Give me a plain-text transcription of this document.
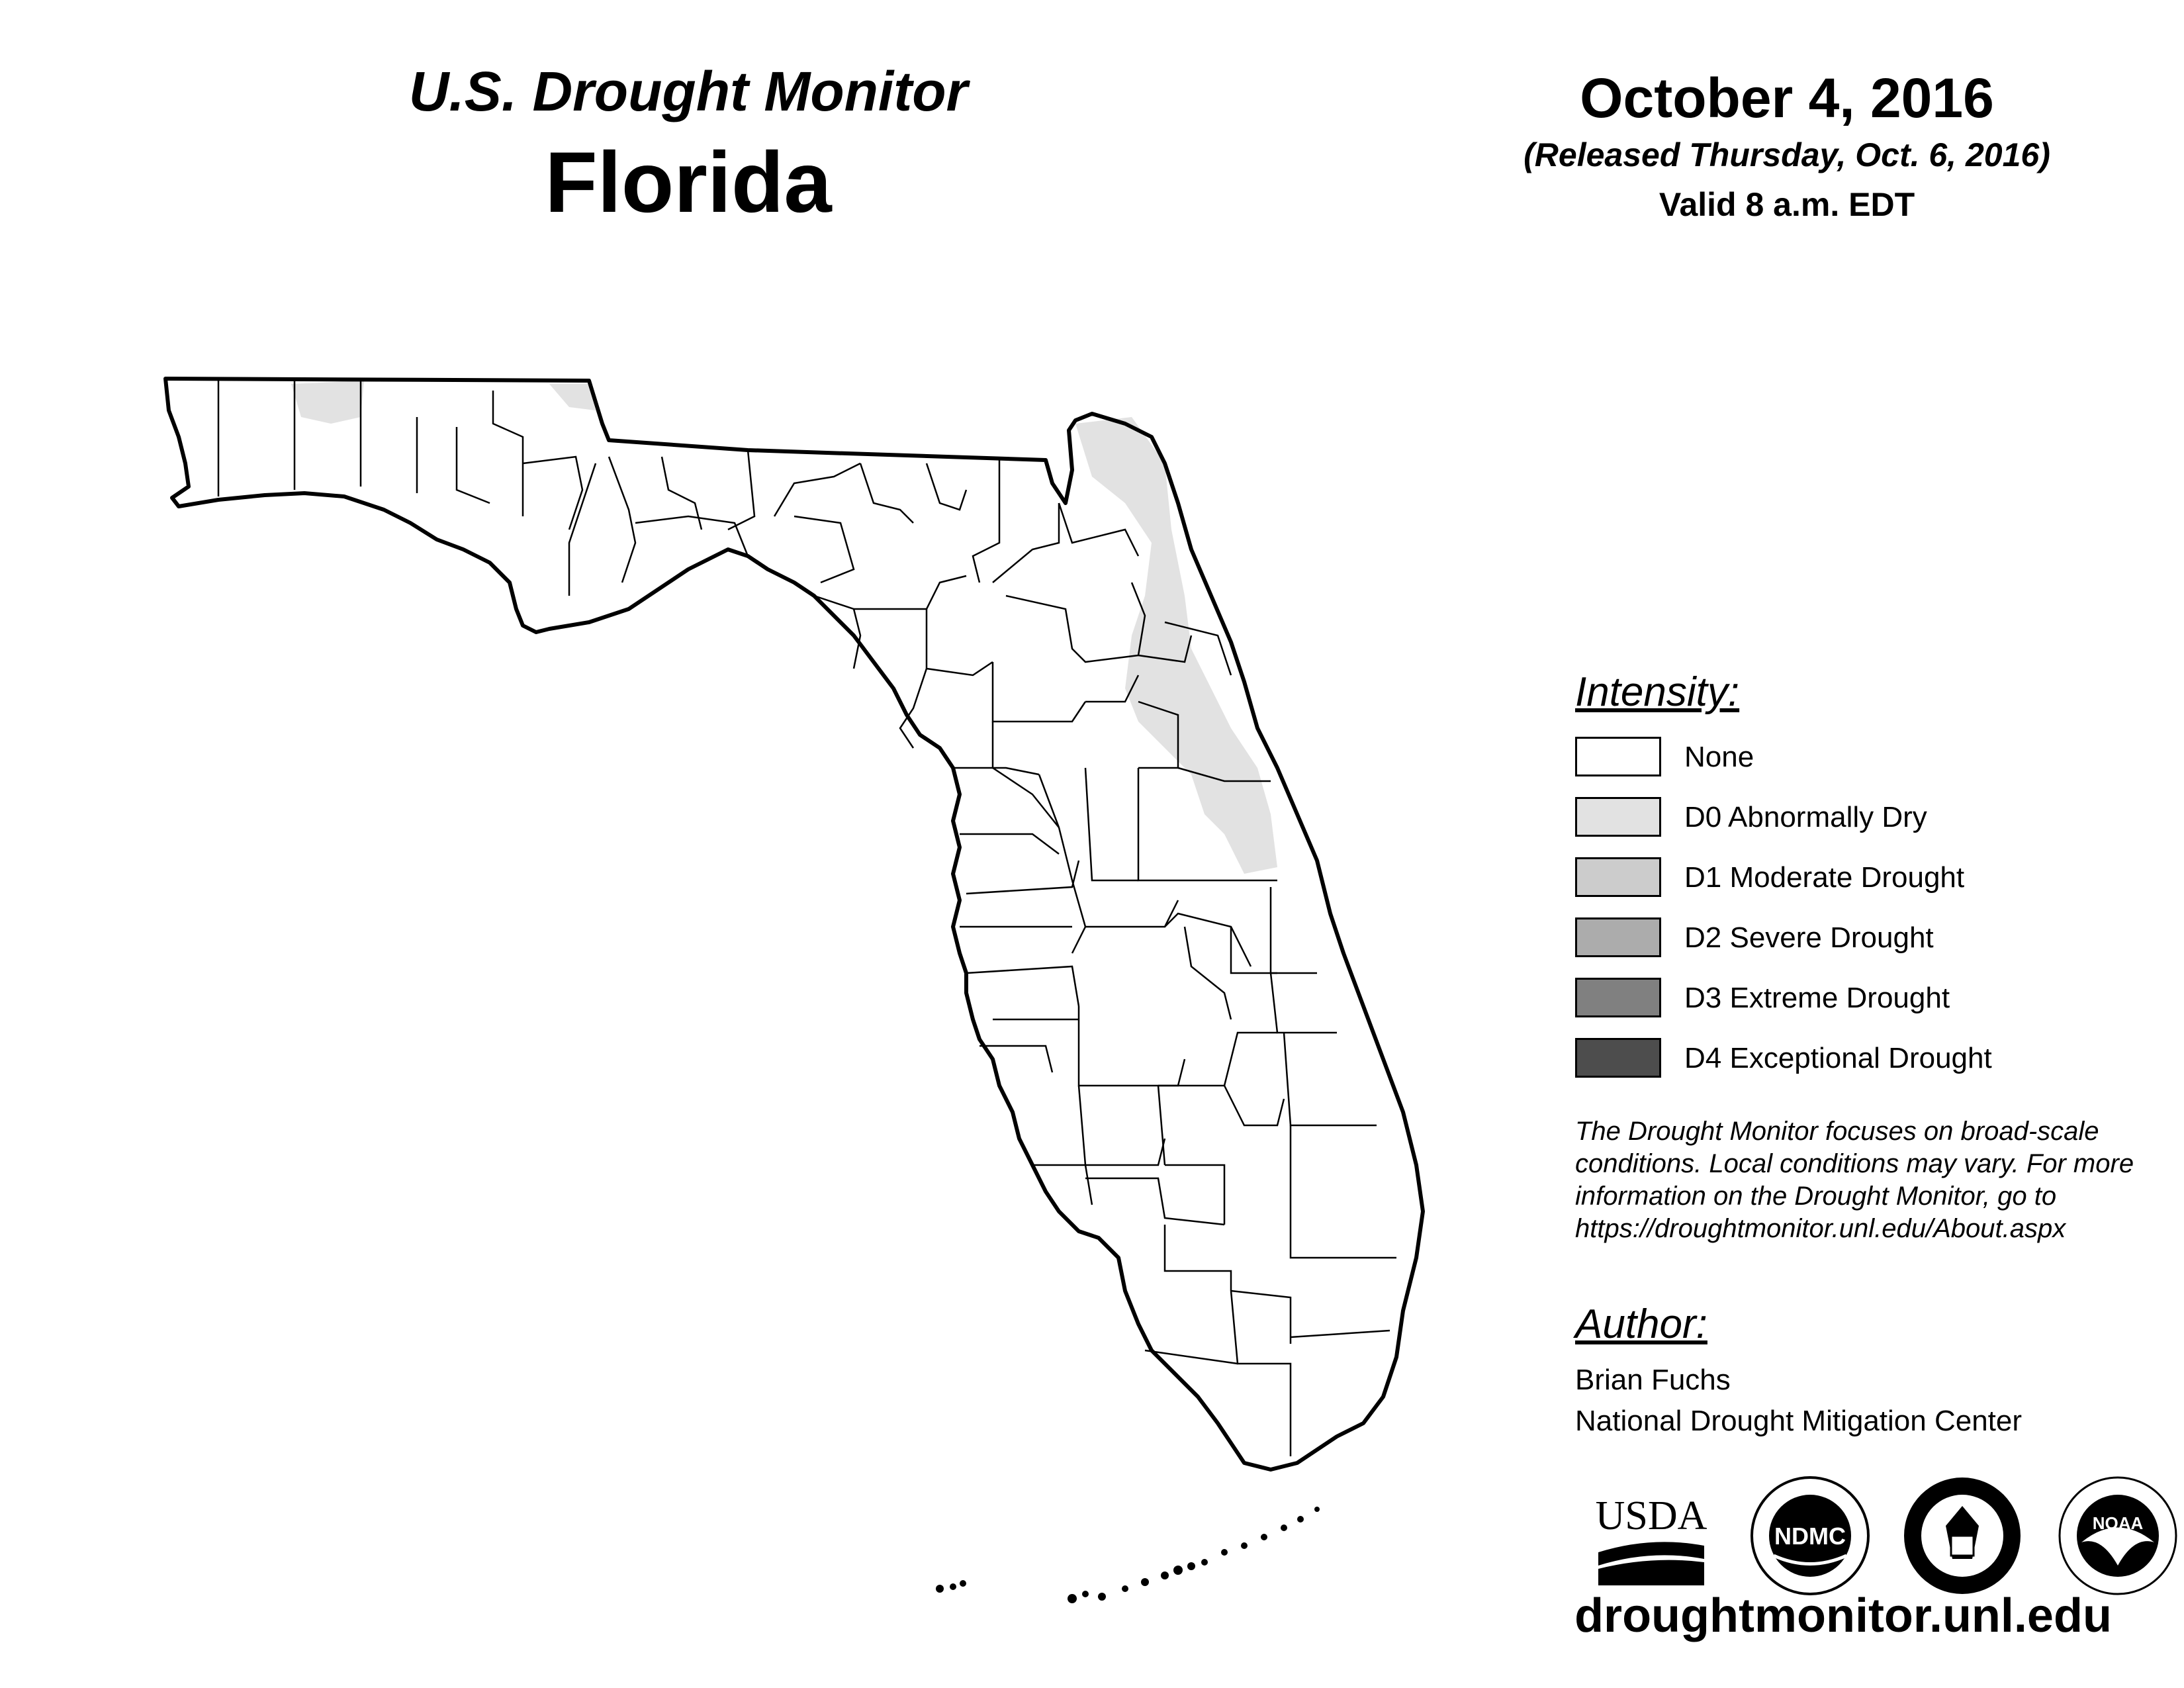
U.S. Drought Monitor
Florida
October 4, 2016
(Released Thursday, Oct. 6, 2016)
Valid 8 a.m. EDT
Intensity:
None
D0 Abnormally Dry
D1 Moderate Drought
D2 Severe Drought
D3 Extreme Drought
D4 Exceptional Drought
The Drought Monitor focuses on broad-scale conditions. Local conditions may vary. For more information on the Drought Monitor, go to https://droughtmonitor.unl.edu/About.aspx
Author:
Brian Fuchs
National Drought Mitigation Center
USDA	NDMC	NOAA
droughtmonitor.unl.edu
